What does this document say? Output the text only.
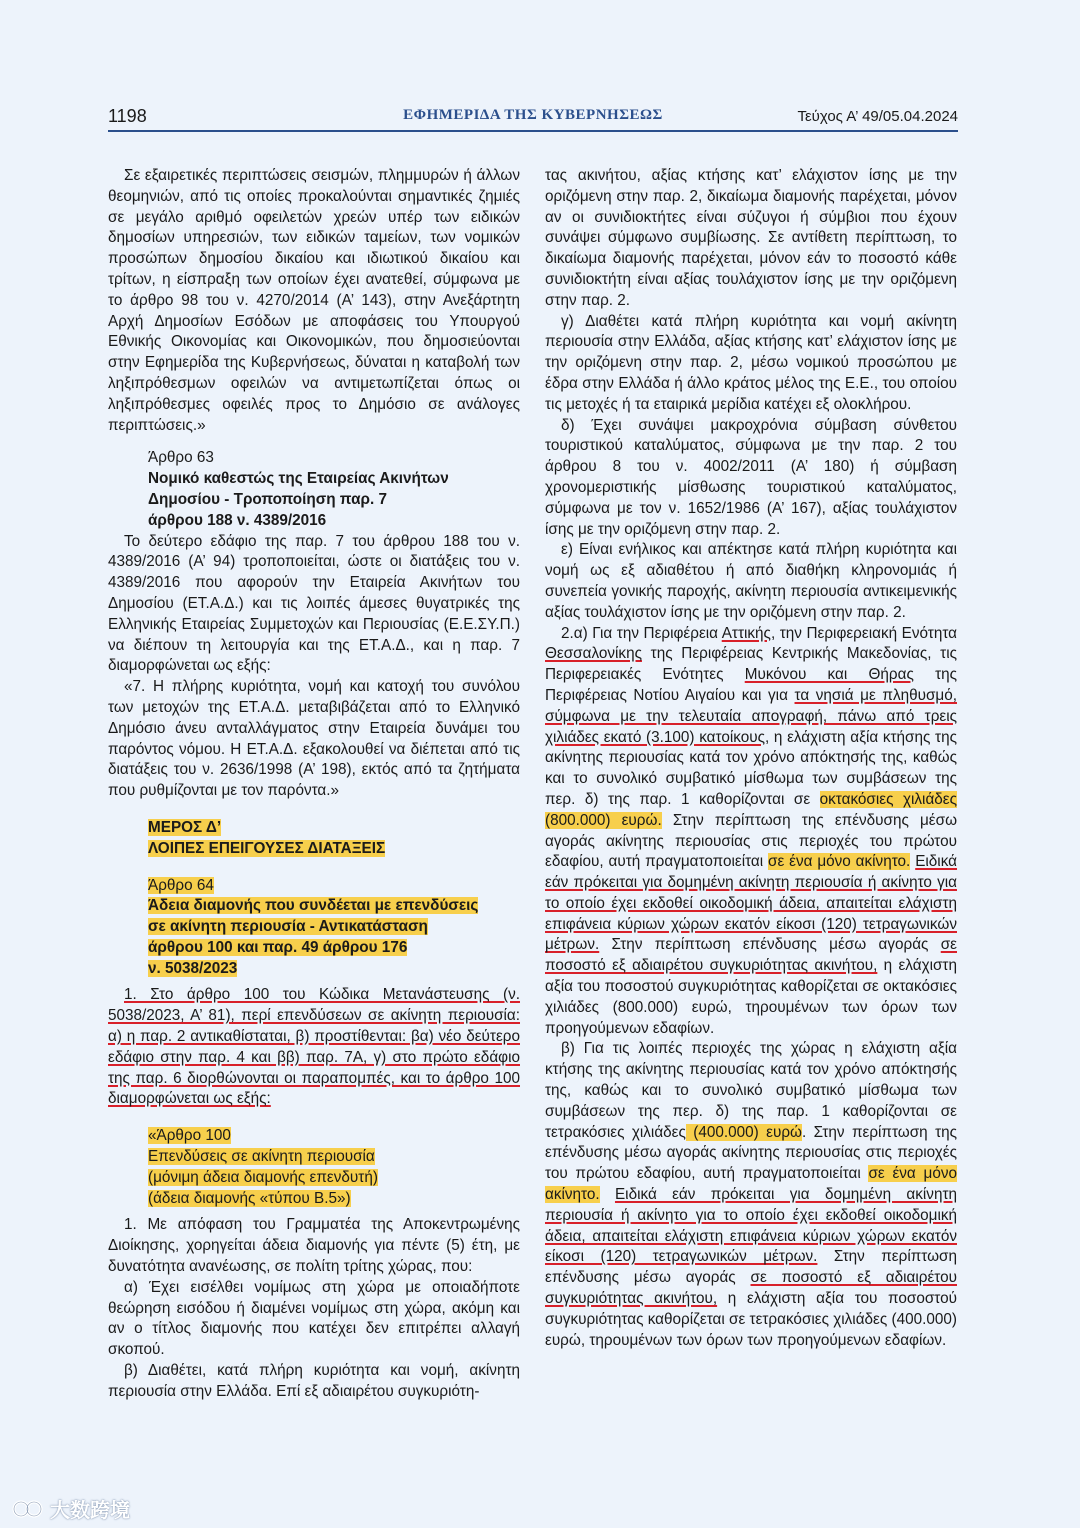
1198	ΕΦΗΜΕΡΙΔΑ ΤΗΣ ΚΥΒΕΡΝΗΣΕΩΣ	Τεύχος Α’ 49/05.04.2024

Σε εξαιρετικές περιπτώσεις σεισμών, πλημμυρών ή άλλων θεομηνιών, από τις οποίες προκαλούνται σημαντικές ζημιές σε μεγάλο αριθμό οφειλετών χρεών υπέρ των ειδικών δημοσίων υπηρεσιών, των ειδικών ταμείων, των νομικών προσώπων δημοσίου δικαίου και ιδιωτικού δικαίου και τρίτων, η είσπραξη των οποίων έχει ανατεθεί, σύμφωνα με το άρθρο 98 του ν. 4270/2014 (Α’ 143), στην Ανεξάρτητη Αρχή Δημοσίων Εσόδων με αποφάσεις του Υπουργού Εθνικής Οικονομίας και Οικονομικών, που δημοσιεύονται στην Εφημερίδα της Κυβερνήσεως, δύναται η καταβολή των ληξιπρόθεσμων οφειλών να αντιμετωπίζεται όπως οι ληξιπρόθεσμες οφειλές προς το Δημόσιο σε ανάλογες περιπτώσεις.»

Άρθρο 63
Νομικό καθεστώς της Εταιρείας Ακινήτων
Δημοσίου - Τροποποίηση παρ. 7
άρθρου 188 ν. 4389/2016

Το δεύτερο εδάφιο της παρ. 7 του άρθρου 188 του ν. 4389/2016 (Α’ 94) τροποποιείται, ώστε οι διατάξεις του ν. 4389/2016 που αφορούν την Εταιρεία Ακινήτων του Δημοσίου (ΕΤ.Α.Δ.) και τις λοιπές άμεσες θυγατρικές της Ελληνικής Εταιρείας Συμμετοχών και Περιουσίας (Ε.Ε.ΣΥ.Π.) να διέπουν τη λειτουργία και της ΕΤ.Α.Δ., και η παρ. 7 διαμορφώνεται ως εξής:

«7. Η πλήρης κυριότητα, νομή και κατοχή του συνόλου των μετοχών της ΕΤ.Α.Δ. μεταβιβάζεται από το Ελληνικό Δημόσιο άνευ ανταλλάγματος στην Εταιρεία δυνάμει του παρόντος νόμου. Η ΕΤ.Α.Δ. εξακολουθεί να διέπεται από τις διατάξεις του ν. 2636/1998 (Α’ 198), εκτός από τα ζητήματα που ρυθμίζονται με τον παρόντα.»

ΜΕΡΟΣ Δ’
ΛΟΙΠΕΣ ΕΠΕΙΓΟΥΣΕΣ ΔΙΑΤΑΞΕΙΣ
Άρθρο 64
Άδεια διαμονής που συνδέεται με επενδύσεις
σε ακίνητη περιουσία - Αντικατάσταση
άρθρου 100 και παρ. 49 άρθρου 176
ν. 5038/2023

1. Στο άρθρο 100 του Κώδικα Μετανάστευσης (ν. 5038/2023, Α’ 81), περί επενδύσεων σε ακίνητη περιουσία: α) η παρ. 2 αντικαθίσταται, β) προστίθενται: βα) νέο δεύτερο εδάφιο στην παρ. 4 και ββ) παρ. 7Α, γ) στο πρώτο εδάφιο της παρ. 6 διορθώνονται οι παραπομπές, και το άρθρο 100 διαμορφώνεται ως εξής:

«Άρθρο 100
Επενδύσεις σε ακίνητη περιουσία
(μόνιμη άδεια διαμονής επενδυτή)
(άδεια διαμονής «τύπου Β.5»)

1. Με απόφαση του Γραμματέα της Αποκεντρωμένης Διοίκησης, χορηγείται άδεια διαμονής για πέντε (5) έτη, με δυνατότητα ανανέωσης, σε πολίτη τρίτης χώρας, που:

α) Έχει εισέλθει νομίμως στη χώρα με οποιαδήποτε θεώρηση εισόδου ή διαμένει νομίμως στη χώρα, ακόμη και αν ο τίτλος διαμονής που κατέχει δεν επιτρέπει αλλαγή σκοπού.

β) Διαθέτει, κατά πλήρη κυριότητα και νομή, ακίνητη περιουσία στην Ελλάδα. Επί εξ αδιαιρέτου συγκυριότη-

τας ακινήτου, αξίας κτήσης κατ’ ελάχιστον ίσης με την οριζόμενη στην παρ. 2, δικαίωμα διαμονής παρέχεται, μόνον αν οι συνιδιοκτήτες είναι σύζυγοι ή σύμβιοι που έχουν συνάψει σύμφωνο συμβίωσης. Σε αντίθετη περίπτωση, το δικαίωμα διαμονής παρέχεται, μόνον εάν το ποσοστό κάθε συνιδιοκτήτη είναι αξίας τουλάχιστον ίσης με την οριζόμενη στην παρ. 2.

γ) Διαθέτει κατά πλήρη κυριότητα και νομή ακίνητη περιουσία στην Ελλάδα, αξίας κτήσης κατ’ ελάχιστον ίσης με την οριζόμενη στην παρ. 2, μέσω νομικού προσώπου με έδρα στην Ελλάδα ή άλλο κράτος μέλος της Ε.Ε., του οποίου τις μετοχές ή τα εταιρικά μερίδια κατέχει εξ ολοκλήρου.

δ) Έχει συνάψει μακροχρόνια σύμβαση σύνθετου τουριστικού καταλύματος, σύμφωνα με την παρ. 2 του άρθρου 8 του ν. 4002/2011 (Α’ 180) ή σύμβαση χρονομεριστικής μίσθωσης τουριστικού καταλύματος, σύμφωνα με τον ν. 1652/1986 (Α’ 167), αξίας τουλάχιστον ίσης με την οριζόμενη στην παρ. 2.

ε) Είναι ενήλικος και απέκτησε κατά πλήρη κυριότητα και νομή ως εξ αδιαθέτου ή από διαθήκη κληρονομιάς ή συνεπεία γονικής παροχής, ακίνητη περιουσία αντικειμενικής αξίας τουλάχιστον ίσης με την οριζόμενη στην παρ. 2.

2.α) Για την Περιφέρεια Αττικής, την Περιφερειακή Ενότητα Θεσσαλονίκης της Περιφέρειας Κεντρικής Μακεδονίας, τις Περιφερειακές Ενότητες Μυκόνου και Θήρας της Περιφέρειας Νοτίου Αιγαίου και για τα νησιά με πληθυσμό, σύμφωνα με την τελευταία απογραφή, πάνω από τρεις χιλιάδες εκατό (3.100) κατοίκους, η ελάχιστη αξία κτήσης της ακίνητης περιουσίας κατά τον χρόνο απόκτησής της, καθώς και το συνολικό συμβατικό μίσθωμα των συμβάσεων της περ. δ) της παρ. 1 καθορίζονται σε οκτακόσιες χιλιάδες (800.000) ευρώ. Στην περίπτωση της επένδυσης μέσω αγοράς ακίνητης περιουσίας στις περιοχές του πρώτου εδαφίου, αυτή πραγματοποιείται σε ένα μόνο ακίνητο. Ειδικά εάν πρόκειται για δομημένη ακίνητη περιουσία ή ακίνητο για το οποίο έχει εκδοθεί οικοδομική άδεια, απαιτείται ελάχιστη επιφάνεια κύριων χώρων εκατόν είκοσι (120) τετραγωνικών μέτρων. Στην περίπτωση επένδυσης μέσω αγοράς σε ποσοστό εξ αδιαιρέτου συγκυριότητας ακινήτου, η ελάχιστη αξία του ποσοστού συγκυριότητας καθορίζεται σε οκτακόσιες χιλιάδες (800.000) ευρώ, τηρουμένων των όρων των προηγούμενων εδαφίων.

β) Για τις λοιπές περιοχές της χώρας η ελάχιστη αξία κτήσης της ακίνητης περιουσίας κατά τον χρόνο απόκτησής της, καθώς και το συνολικό συμβατικό μίσθωμα των συμβάσεων της περ. δ) της παρ. 1 καθορίζονται σε τετρακόσιες χιλιάδες (400.000) ευρώ. Στην περίπτωση της επένδυσης μέσω αγοράς ακίνητης περιουσίας στις περιοχές του πρώτου εδαφίου, αυτή πραγματοποιείται σε ένα μόνο ακίνητο. Ειδικά εάν πρόκειται για δομημένη ακίνητη περιουσία ή ακίνητο για το οποίο έχει εκδοθεί οικοδομική άδεια, απαιτείται ελάχιστη επιφάνεια κύριων χώρων εκατόν είκοσι (120) τετραγωνικών μέτρων. Στην περίπτωση επένδυσης μέσω αγοράς σε ποσοστό εξ αδιαιρέτου συγκυριότητας ακινήτου, η ελάχιστη αξία του ποσοστού συγκυριότητας καθορίζεται σε τετρακόσιες χιλιάδες (400.000) ευρώ, τηρουμένων των όρων των προηγούμενων εδαφίων.

大数跨境
